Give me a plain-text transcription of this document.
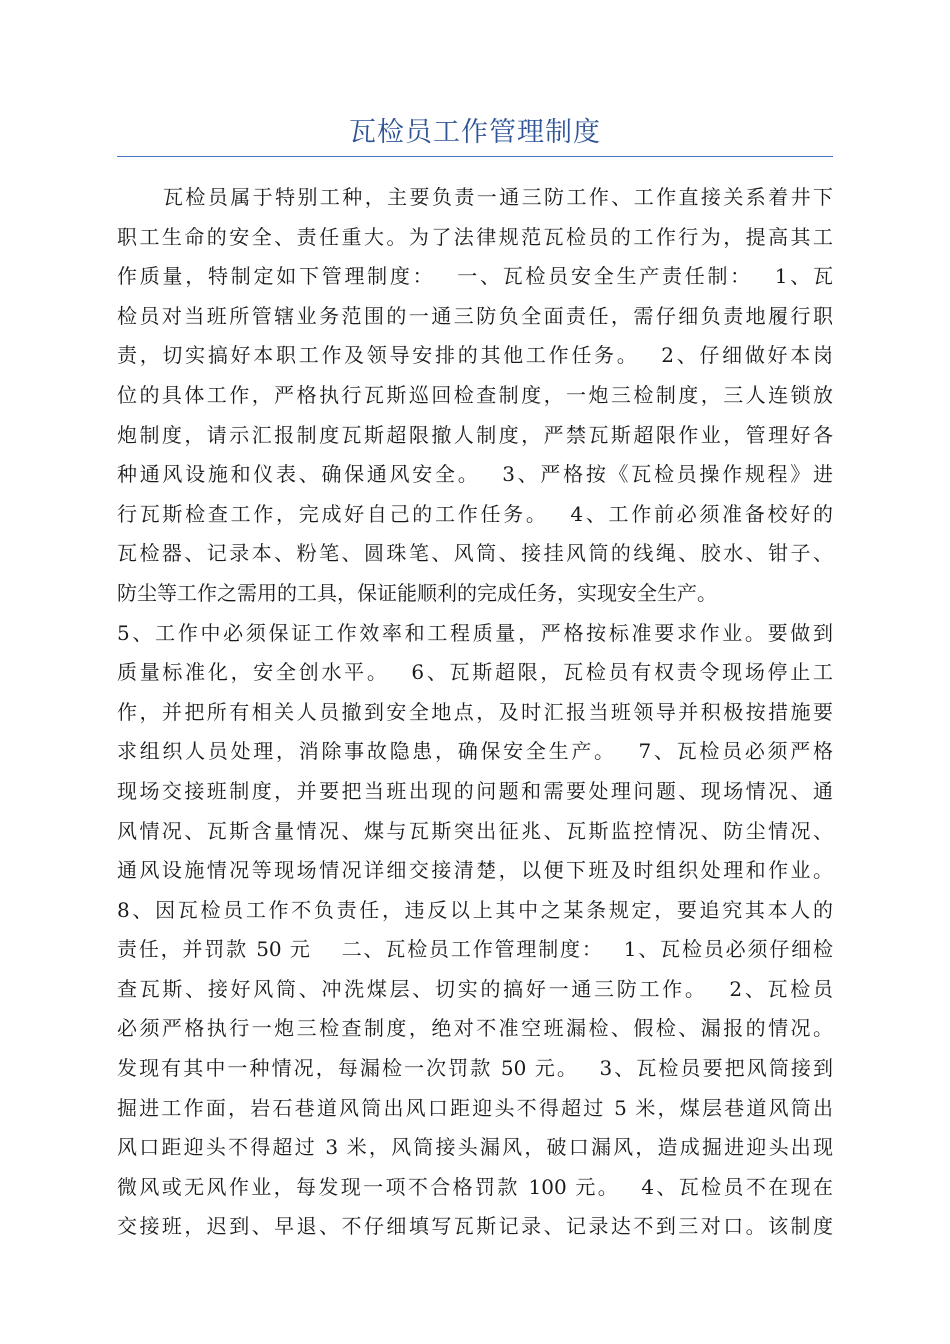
瓦检员工作管理制度
瓦检员属于特别工种，主要负责一通三防工作、工作直接关系着井下
职工生命的安全、责任重大。为了法律规范瓦检员的工作行为，提高其工
作质量，特制定如下管理制度：　 一、瓦检员安全生产责任制：　 1、瓦
检员对当班所管辖业务范围的一通三防负全面责任，需仔细负责地履行职
责，切实搞好本职工作及领导安排的其他工作任务。　 2、仔细做好本岗
位的具体工作，严格执行瓦斯巡回检查制度，一炮三检制度，三人连锁放
炮制度，请示汇报制度瓦斯超限撤人制度，严禁瓦斯超限作业，管理好各
种通风设施和仪表、确保通风安全。　 3、严格按《瓦检员操作规程》进
行瓦斯检查工作，完成好自己的工作任务。　 4、工作前必须准备校好的
瓦检器、记录本、粉笔、圆珠笔、风筒、接挂风筒的线绳、胶水、钳子、
防尘等工作之需用的工具，保证能顺利的完成任务，实现安全生产。
5、工作中必须保证工作效率和工程质量，严格按标准要求作业。要做到
质量标准化，安全创水平。　 6、瓦斯超限，瓦检员有权责令现场停止工
作，并把所有相关人员撤到安全地点，及时汇报当班领导并积极按措施要
求组织人员处理，消除事故隐患，确保安全生产。　 7、瓦检员必须严格
现场交接班制度，并要把当班出现的问题和需要处理问题、现场情况、通
风情况、瓦斯含量情况、煤与瓦斯突出征兆、瓦斯监控情况、防尘情况、
通风设施情况等现场情况详细交接清楚，以便下班及时组织处理和作业。
8、因瓦检员工作不负责任，违反以上其中之某条规定，要追究其本人的
责任，并罚款 50 元　 二、瓦检员工作管理制度：　 1、瓦检员必须仔细检
查瓦斯、接好风筒、冲洗煤层、切实的搞好一通三防工作。　 2、瓦检员
必须严格执行一炮三检查制度，绝对不准空班漏检、假检、漏报的情况。
发现有其中一种情况，每漏检一次罚款 50 元。　 3、瓦检员要把风筒接到
掘进工作面，岩石巷道风筒出风口距迎头不得超过 5 米，煤层巷道风筒出
风口距迎头不得超过 3 米，风筒接头漏风，破口漏风，造成掘进迎头出现
微风或无风作业，每发现一项不合格罚款 100 元。　 4、瓦检员不在现在
交接班，迟到、早退、不仔细填写瓦斯记录、记录达不到三对口。该制度
